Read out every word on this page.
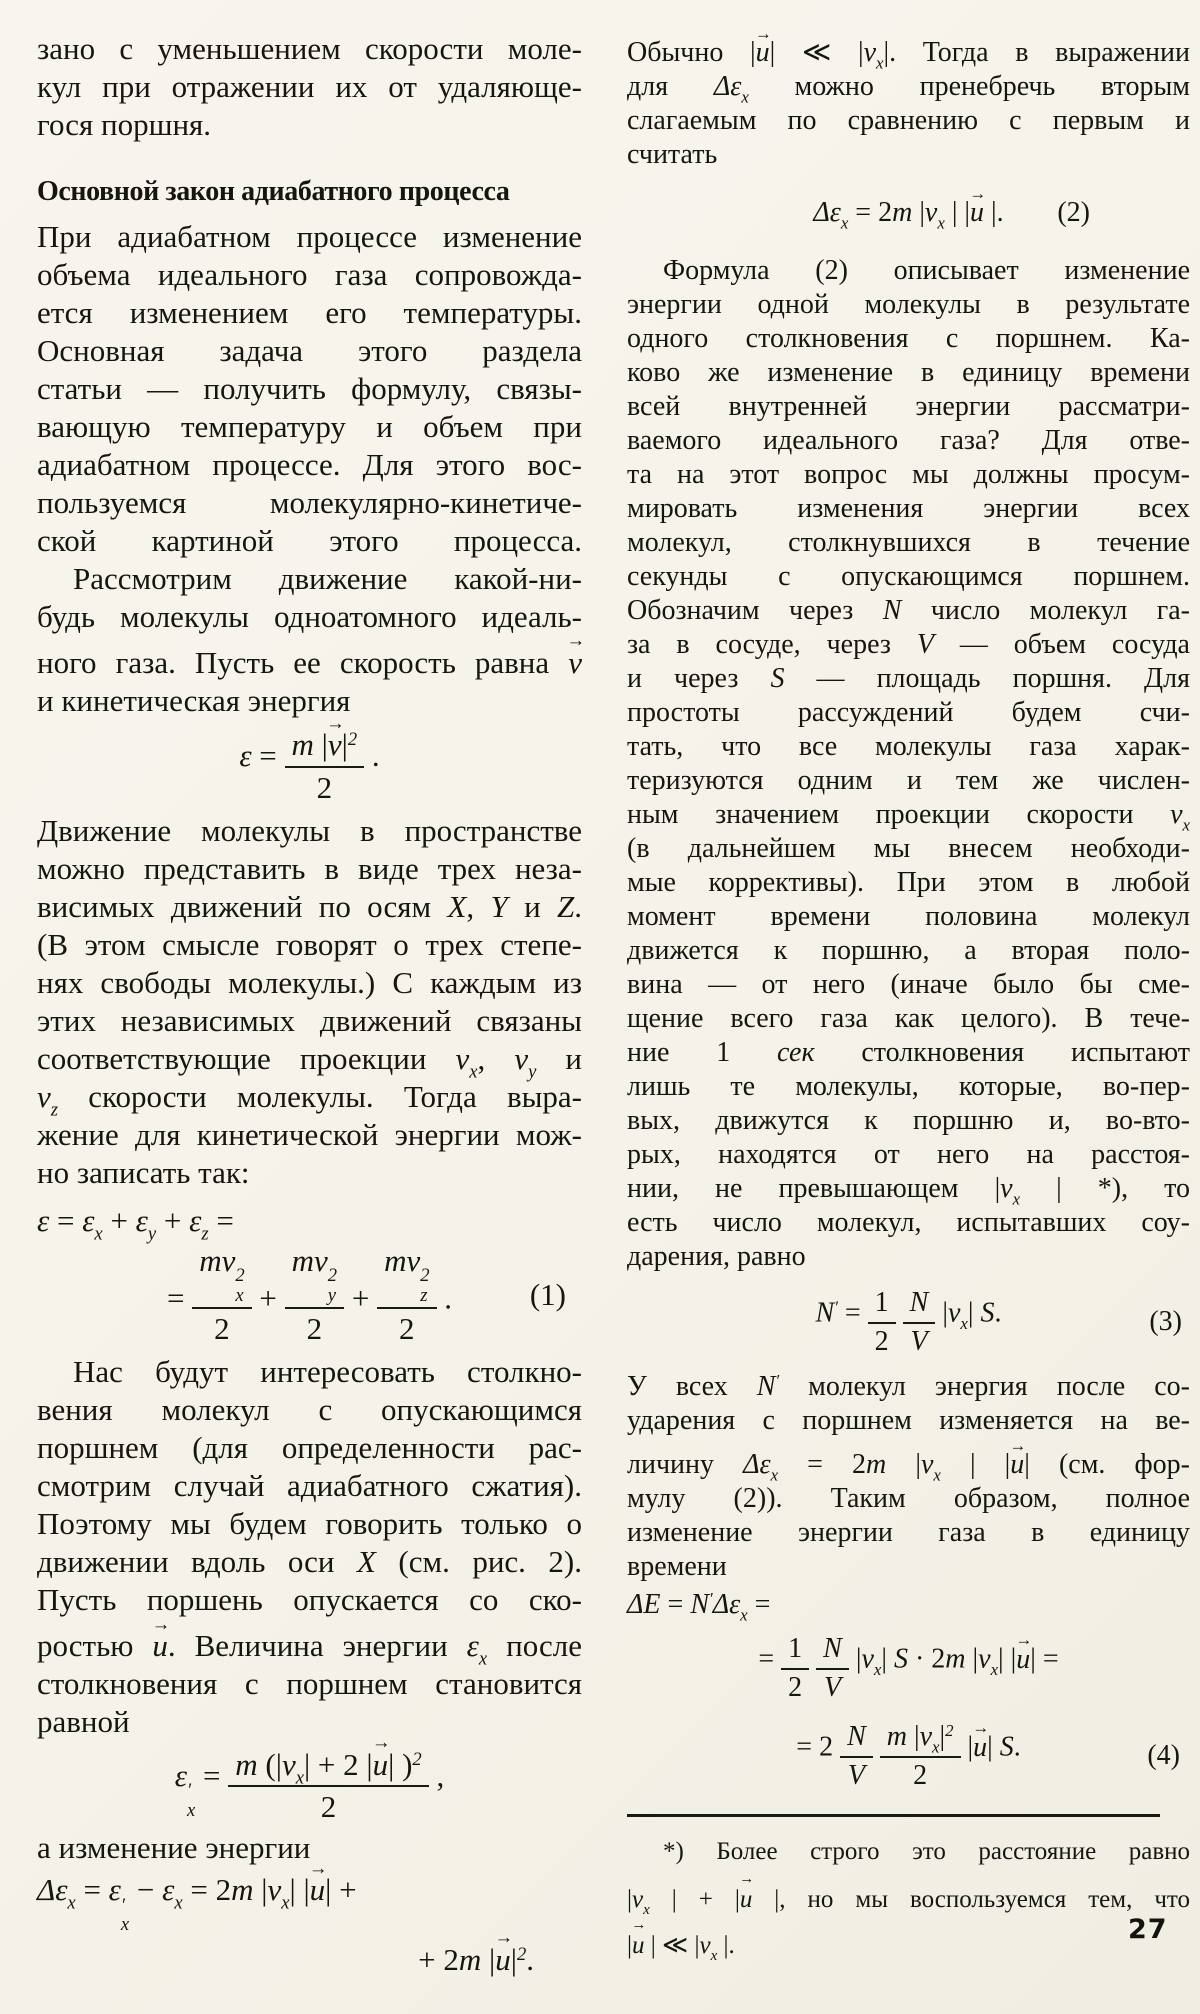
зано с уменьшением скорости моле-
кул при отражении их от удаляюще-
гося поршня.
Основной закон адиабатного процесса
При адиабатном процессе изменение
объема идеального газа сопровожда-
ется изменением его температуры.
Основная задача этого раздела
статьи — получить формулу, связы-
вающую температуру и объем при
адиабатном процессе. Для этого вос-
пользуемся молекулярно-кинетиче-
ской картиной этого процесса.
Рассмотрим движение какой-ни-
будь молекулы одноатомного идеаль-
ного газа. Пусть ее скорость равна v
→
и кинетическая энергия
ε = m |v
→
$|^2$
2 .
Движение молекулы в пространстве
можно представить в виде трех неза-
висимых движений по осям X, Y и Z.
(В этом смысле говорят о трех степе-
нях свободы молекулы.) С каждым из
этих независимых движений связаны
соответствующие проекции $v_x$, $v_y$ и
$v_z$ скорости молекулы. Тогда выра-
жение для кинетической энергии мож-
но записать так:
$\varepsilon = \varepsilon_x + \varepsilon_y + \varepsilon_z$ =
= mv 2
x
2 + mv 2
y
2 + mv 2
z
2 .	(1)
Нас будут интересовать столкно-
вения молекул с опускающимся
поршнем (для определенности рас-
смотрим случай адиабатного сжатия).
Поэтому мы будем говорить только о
движении вдоль оси X (см. рис. 2).
Пусть поршень опускается со ско-
ростью u
→
. Величина энергии $\varepsilon_x$ после
столкновения с поршнем становится
равной
ε ′
x
= m ($|v_x| + 2$ |u
→
| )$^2$
2 ,
а изменение энергии
$\Delta\varepsilon_x = \varepsilon$ ′
x
− $\varepsilon_x = 2m$ $|v_x|$ |u
→
| +
+ 2m |u
→
$|^2$.
Обычно |u
→
| ≪ $|v_x|$. Тогда в выражении
для $\Delta\varepsilon_x$ можно пренебречь вторым
слагаемым по сравнению с первым и
считать
$\Delta\varepsilon_x = 2m$ $|v_x$ | |u
→
|. (2)
Формула (2) описывает изменение
энергии одной молекулы в результате
одного столкновения с поршнем. Ка-
ково же изменение в единицу времени
всей внутренней энергии рассматри-
ваемого идеального газа? Для отве-
та на этот вопрос мы должны просум-
мировать изменения энергии всех
молекул, столкнувшихся в течение
секунды с опускающимся поршнем.
Обозначим через N число молекул га-
за в сосуде, через V — объем сосуда
и через S — площадь поршня. Для
простоты рассуждений будем счи-
тать, что все молекулы газа харак-
теризуются одним и тем же числен-
ным значением проекции скорости $v_x$
(в дальнейшем мы внесем необходи-
мые коррективы). При этом в любой
момент времени половина молекул
движется к поршню, а вторая поло-
вина — от него (иначе было бы сме-
щение всего газа как целого). В тече-
ние 1 сек столкновения испытают
лишь те молекулы, которые, во-пер-
вых, движутся к поршню и, во-вто-
рых, находятся от него на расстоя-
нии, не превышающем $|v_x$ | *), то
есть число молекул, испытавших соу-
дарения, равно
$N' = \frac{1}{2}$
$\frac{N}{V} |v_x|$ S.	(3)
У всех N′ молекул энергия после со-
ударения с поршнем изменяется на ве-
личину $\Delta\varepsilon_x = 2m$ $|v_x$ | |u
→
| (см. фор-
мулу (2)). Таким образом, полное
изменение энергии газа в единицу
времени
$\Delta E = N'\Delta\varepsilon_x$ =
= $\frac{1}{2}$
$\frac{N}{V} |v_x|$ S · 2m $|v_x|$ |u
→
| =
= $2 \frac{N}{V}$
$\frac{m |v_x|^2}{2} |u$
→
| S.	(4)
*) Более строго это расстояние равно
$|v_x$ | + |u
→
|, но мы воспользуемся тем, что
|u
→
| ≪ $|v_x$ |.
27
